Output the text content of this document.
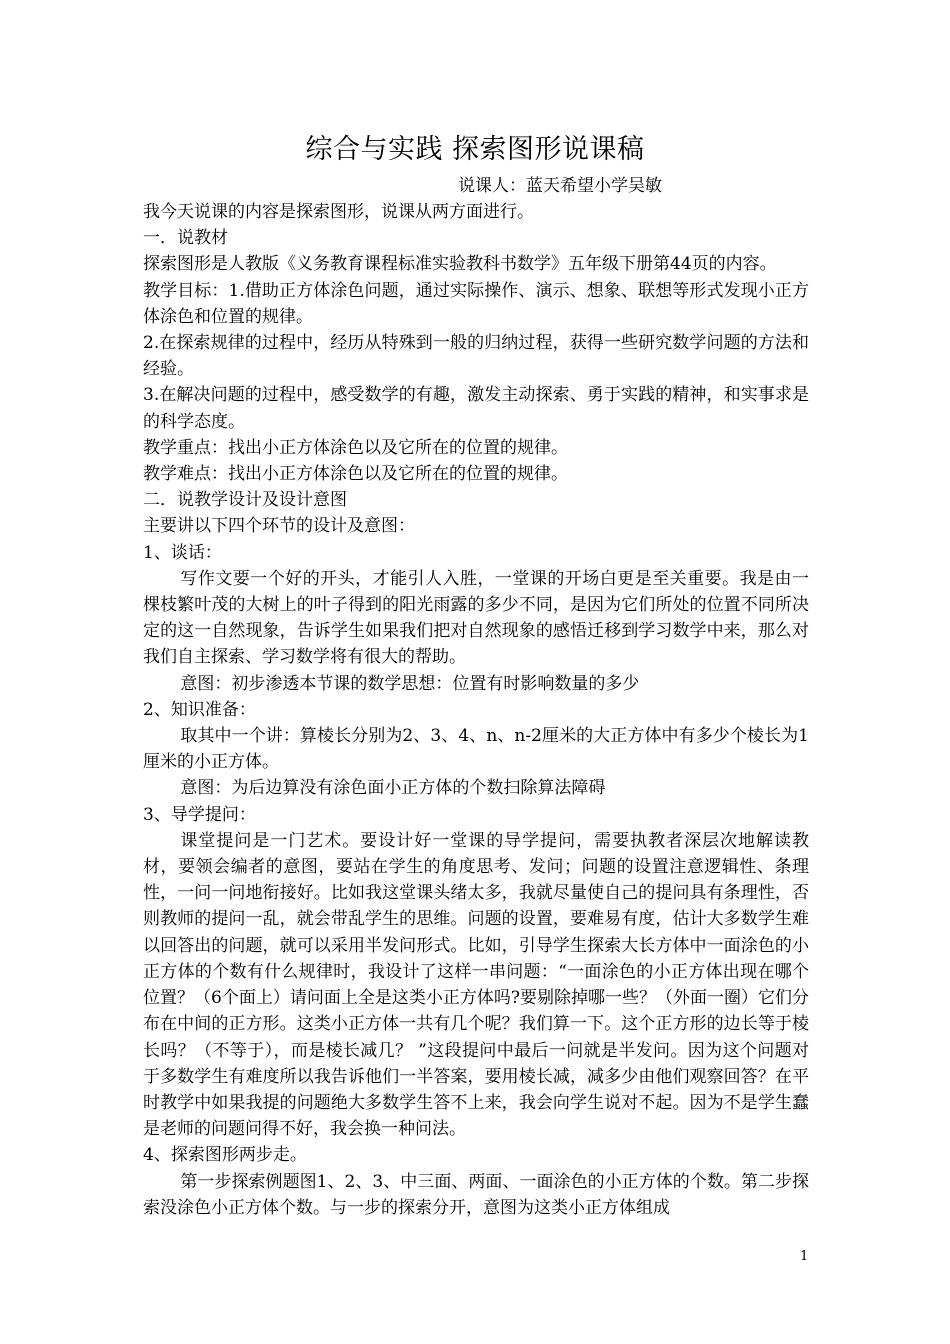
综合与实践 探索图形说课稿
说课人：蓝天希望小学吴敏

我今天说课的内容是探索图形，说课从两方面进行。

一．说教材

探索图形是人教版《义务教育课程标准实验教科书数学》五年级下册第44页的内容。

教学目标：1.借助正方体涂色问题，通过实际操作、演示、想象、联想等形式发现小正方体涂色和位置的规律。

2.在探索规律的过程中，经历从特殊到一般的归纳过程，获得一些研究数学问题的方法和经验。

3.在解决问题的过程中，感受数学的有趣，激发主动探索、勇于实践的精神，和实事求是的科学态度。

教学重点：找出小正方体涂色以及它所在的位置的规律。

教学难点：找出小正方体涂色以及它所在的位置的规律。

二．说教学设计及设计意图

主要讲以下四个环节的设计及意图：

1、谈话：

写作文要一个好的开头，才能引人入胜，一堂课的开场白更是至关重要。我是由一棵枝繁叶茂的大树上的叶子得到的阳光雨露的多少不同，是因为它们所处的位置不同所决定的这一自然现象，告诉学生如果我们把对自然现象的感悟迁移到学习数学中来，那么对我们自主探索、学习数学将有很大的帮助。

意图：初步渗透本节课的数学思想：位置有时影响数量的多少

2、知识准备：

取其中一个讲：算棱长分别为2、3、4、n、n-2厘米的大正方体中有多少个棱长为1厘米的小正方体。

意图：为后边算没有涂色面小正方体的个数扫除算法障碍

3、导学提问：

课堂提问是一门艺术。要设计好一堂课的导学提问，需要执教者深层次地解读教材，要领会编者的意图，要站在学生的角度思考、发问；问题的设置注意逻辑性、条理性，一问一问地衔接好。比如我这堂课头绪太多，我就尽量使自己的提问具有条理性，否则教师的提问一乱，就会带乱学生的思维。问题的设置，要难易有度，估计大多数学生难以回答出的问题，就可以采用半发问形式。比如，引导学生探索大长方体中一面涂色的小正方体的个数有什么规律时，我设计了这样一串问题：“一面涂色的小正方体出现在哪个位置？（6个面上）请问面上全是这类小正方体吗?要剔除掉哪一些？（外面一圈）它们分布在中间的正方形。这类小正方体一共有几个呢？我们算一下。这个正方形的边长等于棱长吗？（不等于），而是棱长减几？ ”这段提问中最后一问就是半发问。因为这个问题对于多数学生有难度所以我告诉他们一半答案，要用棱长减，减多少由他们观察回答？在平时教学中如果我提的问题绝大多数学生答不上来，我会向学生说对不起。因为不是学生蠢是老师的问题问得不好，我会换一种问法。

4、探索图形两步走。

第一步探索例题图1、2、3、中三面、两面、一面涂色的小正方体的个数。第二步探索没涂色小正方体个数。与一步的探索分开，意图为这类小正方体组成

1
